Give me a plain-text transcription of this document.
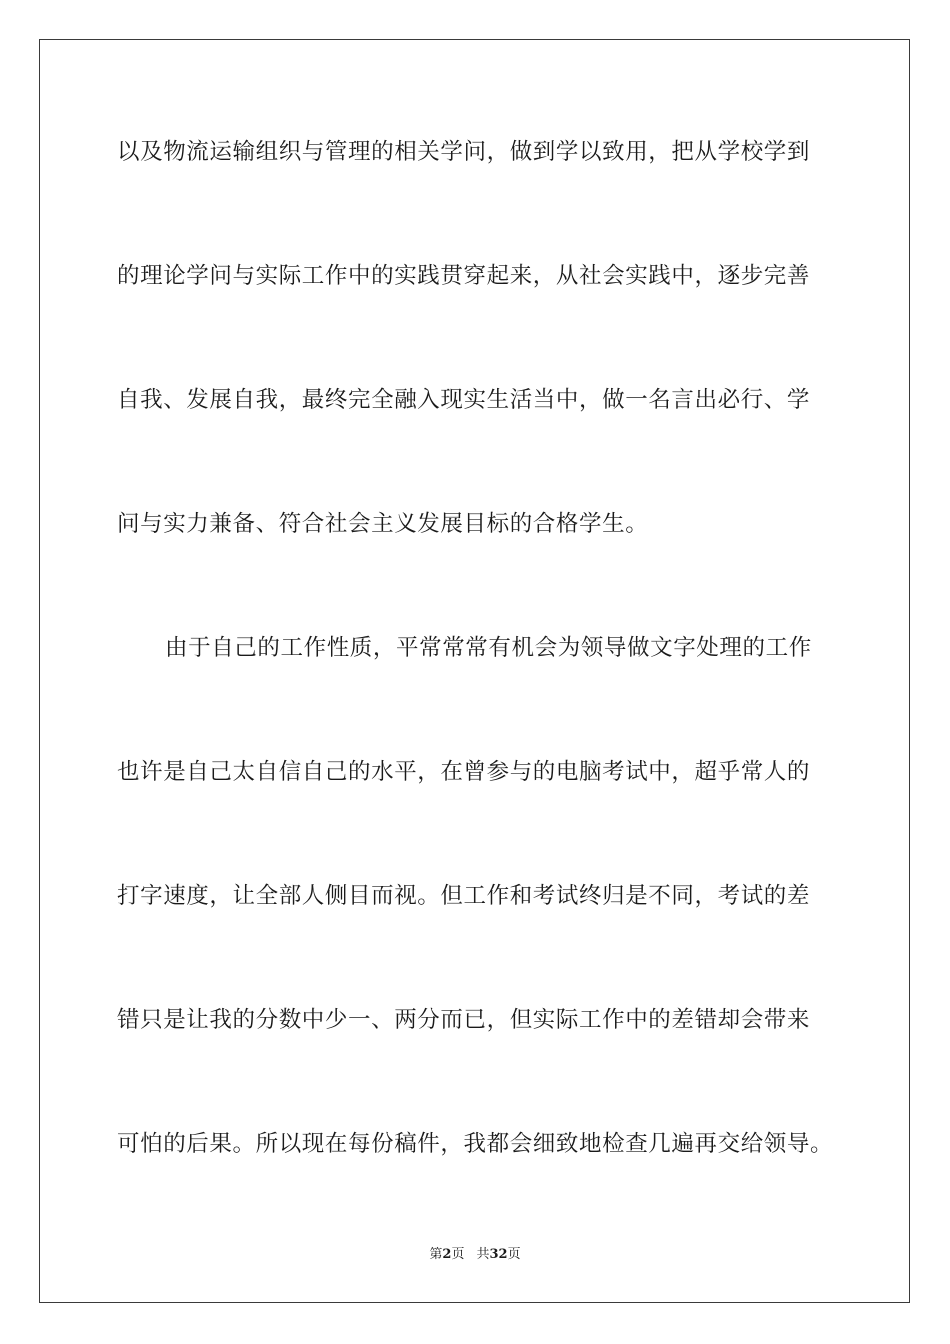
以及物流运输组织与管理的相关学问，做到学以致用，把从学校学到
的理论学问与实际工作中的实践贯穿起来，从社会实践中，逐步完善
自我、发展自我，最终完全融入现实生活当中，做一名言出必行、学
问与实力兼备、符合社会主义发展目标的合格学生。
由于自己的工作性质，平常常常有机会为领导做文字处理的工作
也许是自己太自信自己的水平，在曾参与的电脑考试中，超乎常人的
打字速度，让全部人侧目而视。但工作和考试终归是不同，考试的差
错只是让我的分数中少一、两分而已，但实际工作中的差错却会带来
可怕的后果。所以现在每份稿件，我都会细致地检查几遍再交给领导。
第2页 共32页
